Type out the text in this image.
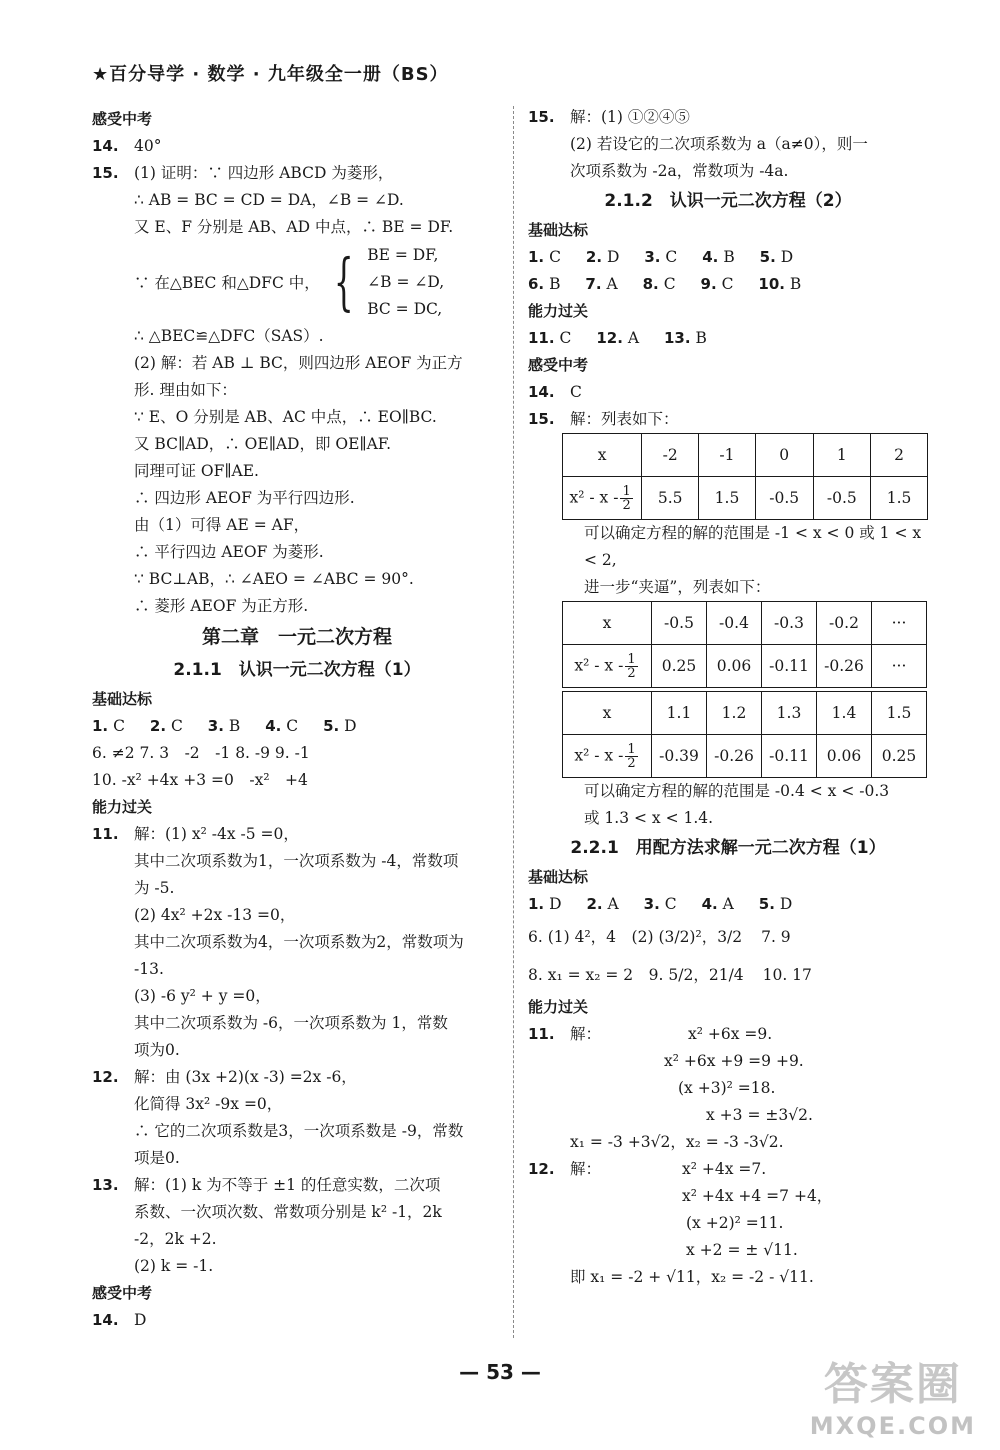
★百分导学 · 数学 · 九年级全一册（BS）
感受中考
14. 40°
15. (1) 证明：∵ 四边形 ABCD 为菱形，
∴ AB = BC = CD = DA，∠B = ∠D.
又 E、F 分别是 AB、AD 中点，∴ BE = DF.
∵ 在△BEC 和△DFC 中， { BE = DF,
∠B = ∠D,
BC = DC,
∴ △BEC≌△DFC（SAS）.
(2) 解：若 AB ⊥ BC，则四边形 AEOF 为正方
形. 理由如下：
∵ E、O 分别是 AB、AC 中点，∴ EO∥BC.
又 BC∥AD，∴ OE∥AD，即 OE∥AF.
同理可证 OF∥AE.
∴ 四边形 AEOF 为平行四边形.
由（1）可得 AE = AF，
∴ 平行四边 AEOF 为菱形.
∵ BC⊥AB，∴ ∠AEO = ∠ABC = 90°.
∴ 菱形 AEOF 为正方形.
第二章　一元二次方程
2.1.1　认识一元二次方程（1）
基础达标
1. C 2. C 3. B 4. C 5. D
6. ≠2 7. 3　-2　-1 8. -9 9. -1
10. -x² +4x +3 =0　-x²　+4
能力过关
11. 解：(1) x² -4x -5 =0，
其中二次项系数为1，一次项系数为 -4，常数项
为 -5.
(2) 4x² +2x -13 =0，
其中二次项系数为4，一次项系数为2，常数项为
-13.
(3) -6 y² + y =0，
其中二次项系数为 -6，一次项系数为 1，常数
项为0.
12. 解：由 (3x +2)(x -3) =2x -6，
化简得 3x² -9x =0，
∴ 它的二次项系数是3，一次项系数是 -9，常数
项是0.
13. 解：(1) k 为不等于 ±1 的任意实数，二次项
系数、一次项次数、常数项分别是 k² -1，2k
-2，2k +2.
(2) k = -1.
感受中考
14. D
15. 解：(1) ①②④⑤
(2) 若设它的二次项系数为 a（a≠0），则一
次项系数为 -2a，常数项为 -4a.
2.1.2　认识一元二次方程（2）
基础达标
1. C 2. D 3. C 4. B 5. D
6. B 7. A 8. C 9. C 10. B
能力过关
11. C 12. A 13. B
感受中考
14. C
15. 解：列表如下：
x	-2	-1	0	1	2
x² - x - $\frac{1}{2}$	5.5	1.5	-0.5	-0.5	1.5
可以确定方程的解的范围是 -1 < x < 0 或 1 < x
< 2,
进一步“夹逼”，列表如下：
x	-0.5	-0.4	-0.3	-0.2	···
x² - x - $\frac{1}{2}$	0.25	0.06	-0.11	-0.26	···
x	1.1	1.2	1.3	1.4	1.5
x² - x - $\frac{1}{2}$	-0.39	-0.26	-0.11	0.06	0.25
可以确定方程的解的范围是 -0.4 < x < -0.3
或 1.3 < x < 1.4.
2.2.1　用配方法求解一元二次方程（1）
基础达标
1. D 2. A 3. C 4. A 5. D
6. (1) 4²，4　(2) (3/2)²，3/2 7. 9
8. x₁ = x₂ = 2　9. 5/2，21/4 10. 17
能力过关
11. 解：	x² +6x =9.
x² +6x +9 =9 +9.
(x +3)² =18.
x +3 = ±3√2.
x₁ = -3 +3√2，x₂ = -3 -3√2.
12. 解：	x² +4x =7.
x² +4x +4 =7 +4，
(x +2)² =11.
x +2 = ± √11.
即 x₁ = -2 + √11，x₂ = -2 - √11.
— 53 —	答案圈
MXQE.COM
